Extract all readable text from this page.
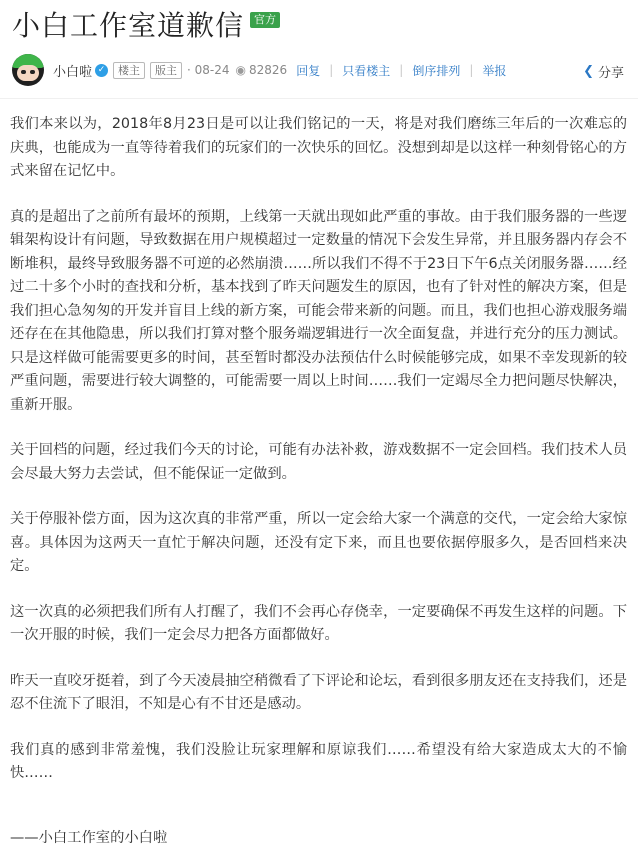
小白工作室道歉信 官方
小白啦 ✓	楼主	版主 · 08-24 ◉ 82826 回复 | 只看楼主 | 倒序排列 | 举报	❮ 分享

我们本来以为，2018年8月23日是可以让我们铭记的一天，将是对我们磨练三年后的一次难忘的庆典，也能成为一直等待着我们的玩家们的一次快乐的回忆。没想到却是以这样一种刻骨铭心的方式来留在记忆中。

真的是超出了之前所有最坏的预期，上线第一天就出现如此严重的事故。由于我们服务器的一些逻辑架构设计有问题，导致数据在用户规模超过一定数量的情况下会发生异常，并且服务器内存会不断堆积，最终导致服务器不可逆的必然崩溃……所以我们不得不于23日下午6点关闭服务器……经过二十多个小时的查找和分析，基本找到了昨天问题发生的原因，也有了针对性的解决方案，但是我们担心急匆匆的开发并盲目上线的新方案，可能会带来新的问题。而且，我们也担心游戏服务端还存在在其他隐患，所以我们打算对整个服务端逻辑进行一次全面复盘，并进行充分的压力测试。只是这样做可能需要更多的时间，甚至暂时都没办法预估什么时候能够完成，如果不幸发现新的较严重问题，需要进行较大调整的，可能需要一周以上时间……我们一定竭尽全力把问题尽快解决，重新开服。

关于回档的问题，经过我们今天的讨论，可能有办法补救，游戏数据不一定会回档。我们技术人员会尽最大努力去尝试，但不能保证一定做到。

关于停服补偿方面，因为这次真的非常严重，所以一定会给大家一个满意的交代，一定会给大家惊喜。具体因为这两天一直忙于解决问题，还没有定下来，而且也要依据停服多久，是否回档来决定。

这一次真的必须把我们所有人打醒了，我们不会再心存侥幸，一定要确保不再发生这样的问题。下一次开服的时候，我们一定会尽力把各方面都做好。

昨天一直咬牙挺着，到了今天凌晨抽空稍微看了下评论和论坛，看到很多朋友还在支持我们，还是忍不住流下了眼泪，不知是心有不甘还是感动。

我们真的感到非常羞愧，我们没脸让玩家理解和原谅我们……希望没有给大家造成太大的不愉快……

——小白工作室的小白啦
